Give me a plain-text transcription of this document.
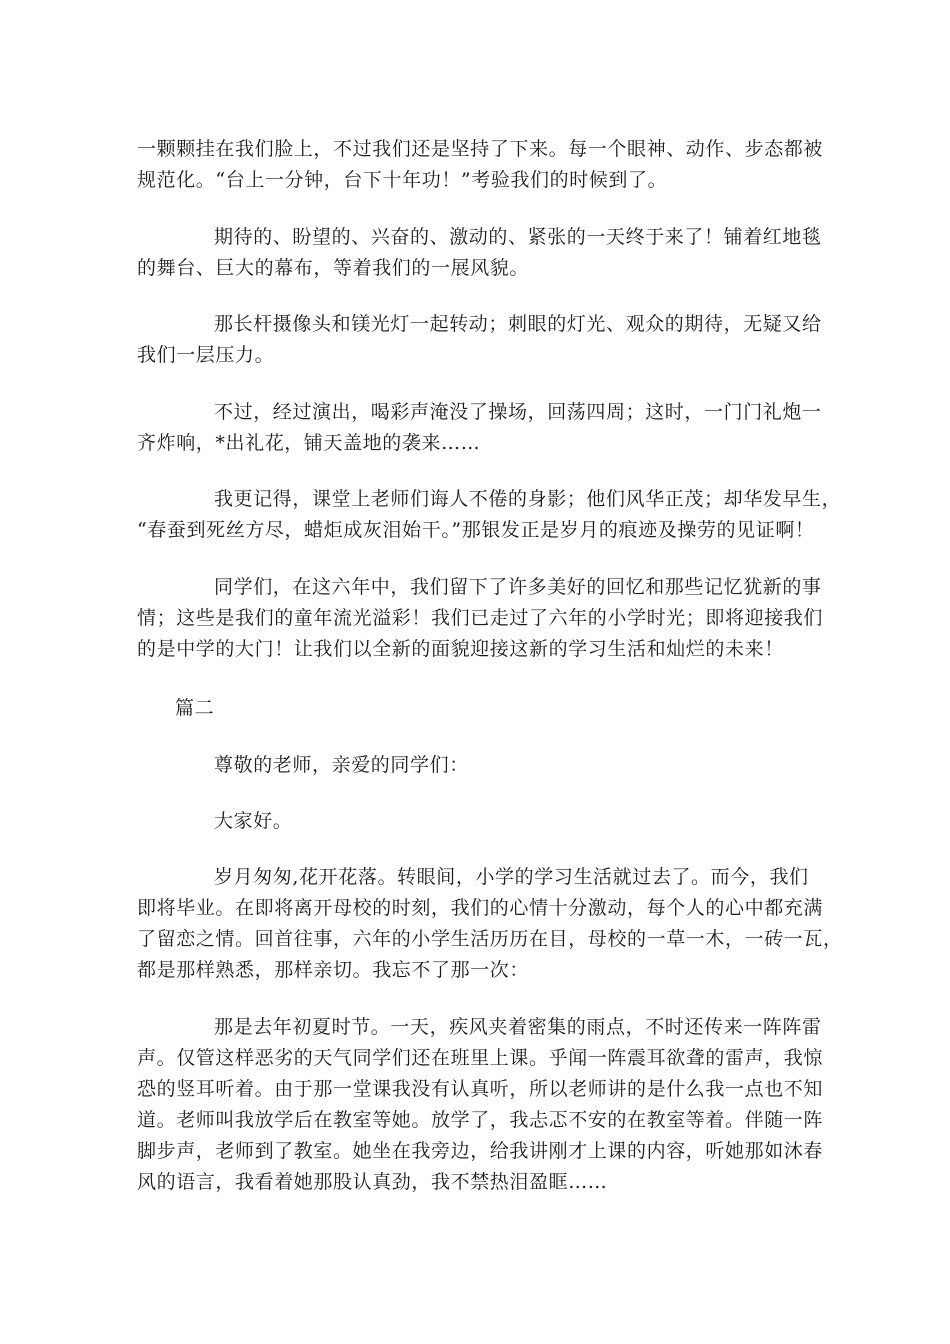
一颗颗挂在我们脸上，不过我们还是坚持了下来。每一个眼神、动作、步态都被
规范化。“台上一分钟，台下十年功！”考验我们的时候到了。

期待的、盼望的、兴奋的、激动的、紧张的一天终于来了！铺着红地毯
的舞台、巨大的幕布，等着我们的一展风貌。

那长杆摄像头和镁光灯一起转动；刺眼的灯光、观众的期待，无疑又给
我们一层压力。

不过，经过演出，喝彩声淹没了操场，回荡四周；这时，一门门礼炮一
齐炸响，*出礼花，铺天盖地的袭来……

我更记得，课堂上老师们诲人不倦的身影；他们风华正茂；却华发早生，
“春蚕到死丝方尽，蜡炬成灰泪始干。”那银发正是岁月的痕迹及操劳的见证啊！

同学们，在这六年中，我们留下了许多美好的回忆和那些记忆犹新的事
情；这些是我们的童年流光溢彩！我们已走过了六年的小学时光；即将迎接我们
的是中学的大门！让我们以全新的面貌迎接这新的学习生活和灿烂的未来！

篇二
尊敬的老师，亲爱的同学们：
大家好。

岁月匆匆,花开花落。转眼间，小学的学习生活就过去了。而今，我们
即将毕业。在即将离开母校的时刻，我们的心情十分激动，每个人的心中都充满
了留恋之情。回首往事，六年的小学生活历历在目，母校的一草一木，一砖一瓦，
都是那样熟悉，那样亲切。我忘不了那一次：

那是去年初夏时节。一天，疾风夹着密集的雨点，不时还传来一阵阵雷
声。仅管这样恶劣的天气同学们还在班里上课。乎闻一阵震耳欲聋的雷声，我惊
恐的竖耳听着。由于那一堂课我没有认真听，所以老师讲的是什么我一点也不知
道。老师叫我放学后在教室等她。放学了，我忐忑不安的在教室等着。伴随一阵
脚步声，老师到了教室。她坐在我旁边，给我讲刚才上课的内容，听她那如沐春
风的语言，我看着她那股认真劲，我不禁热泪盈眶……
